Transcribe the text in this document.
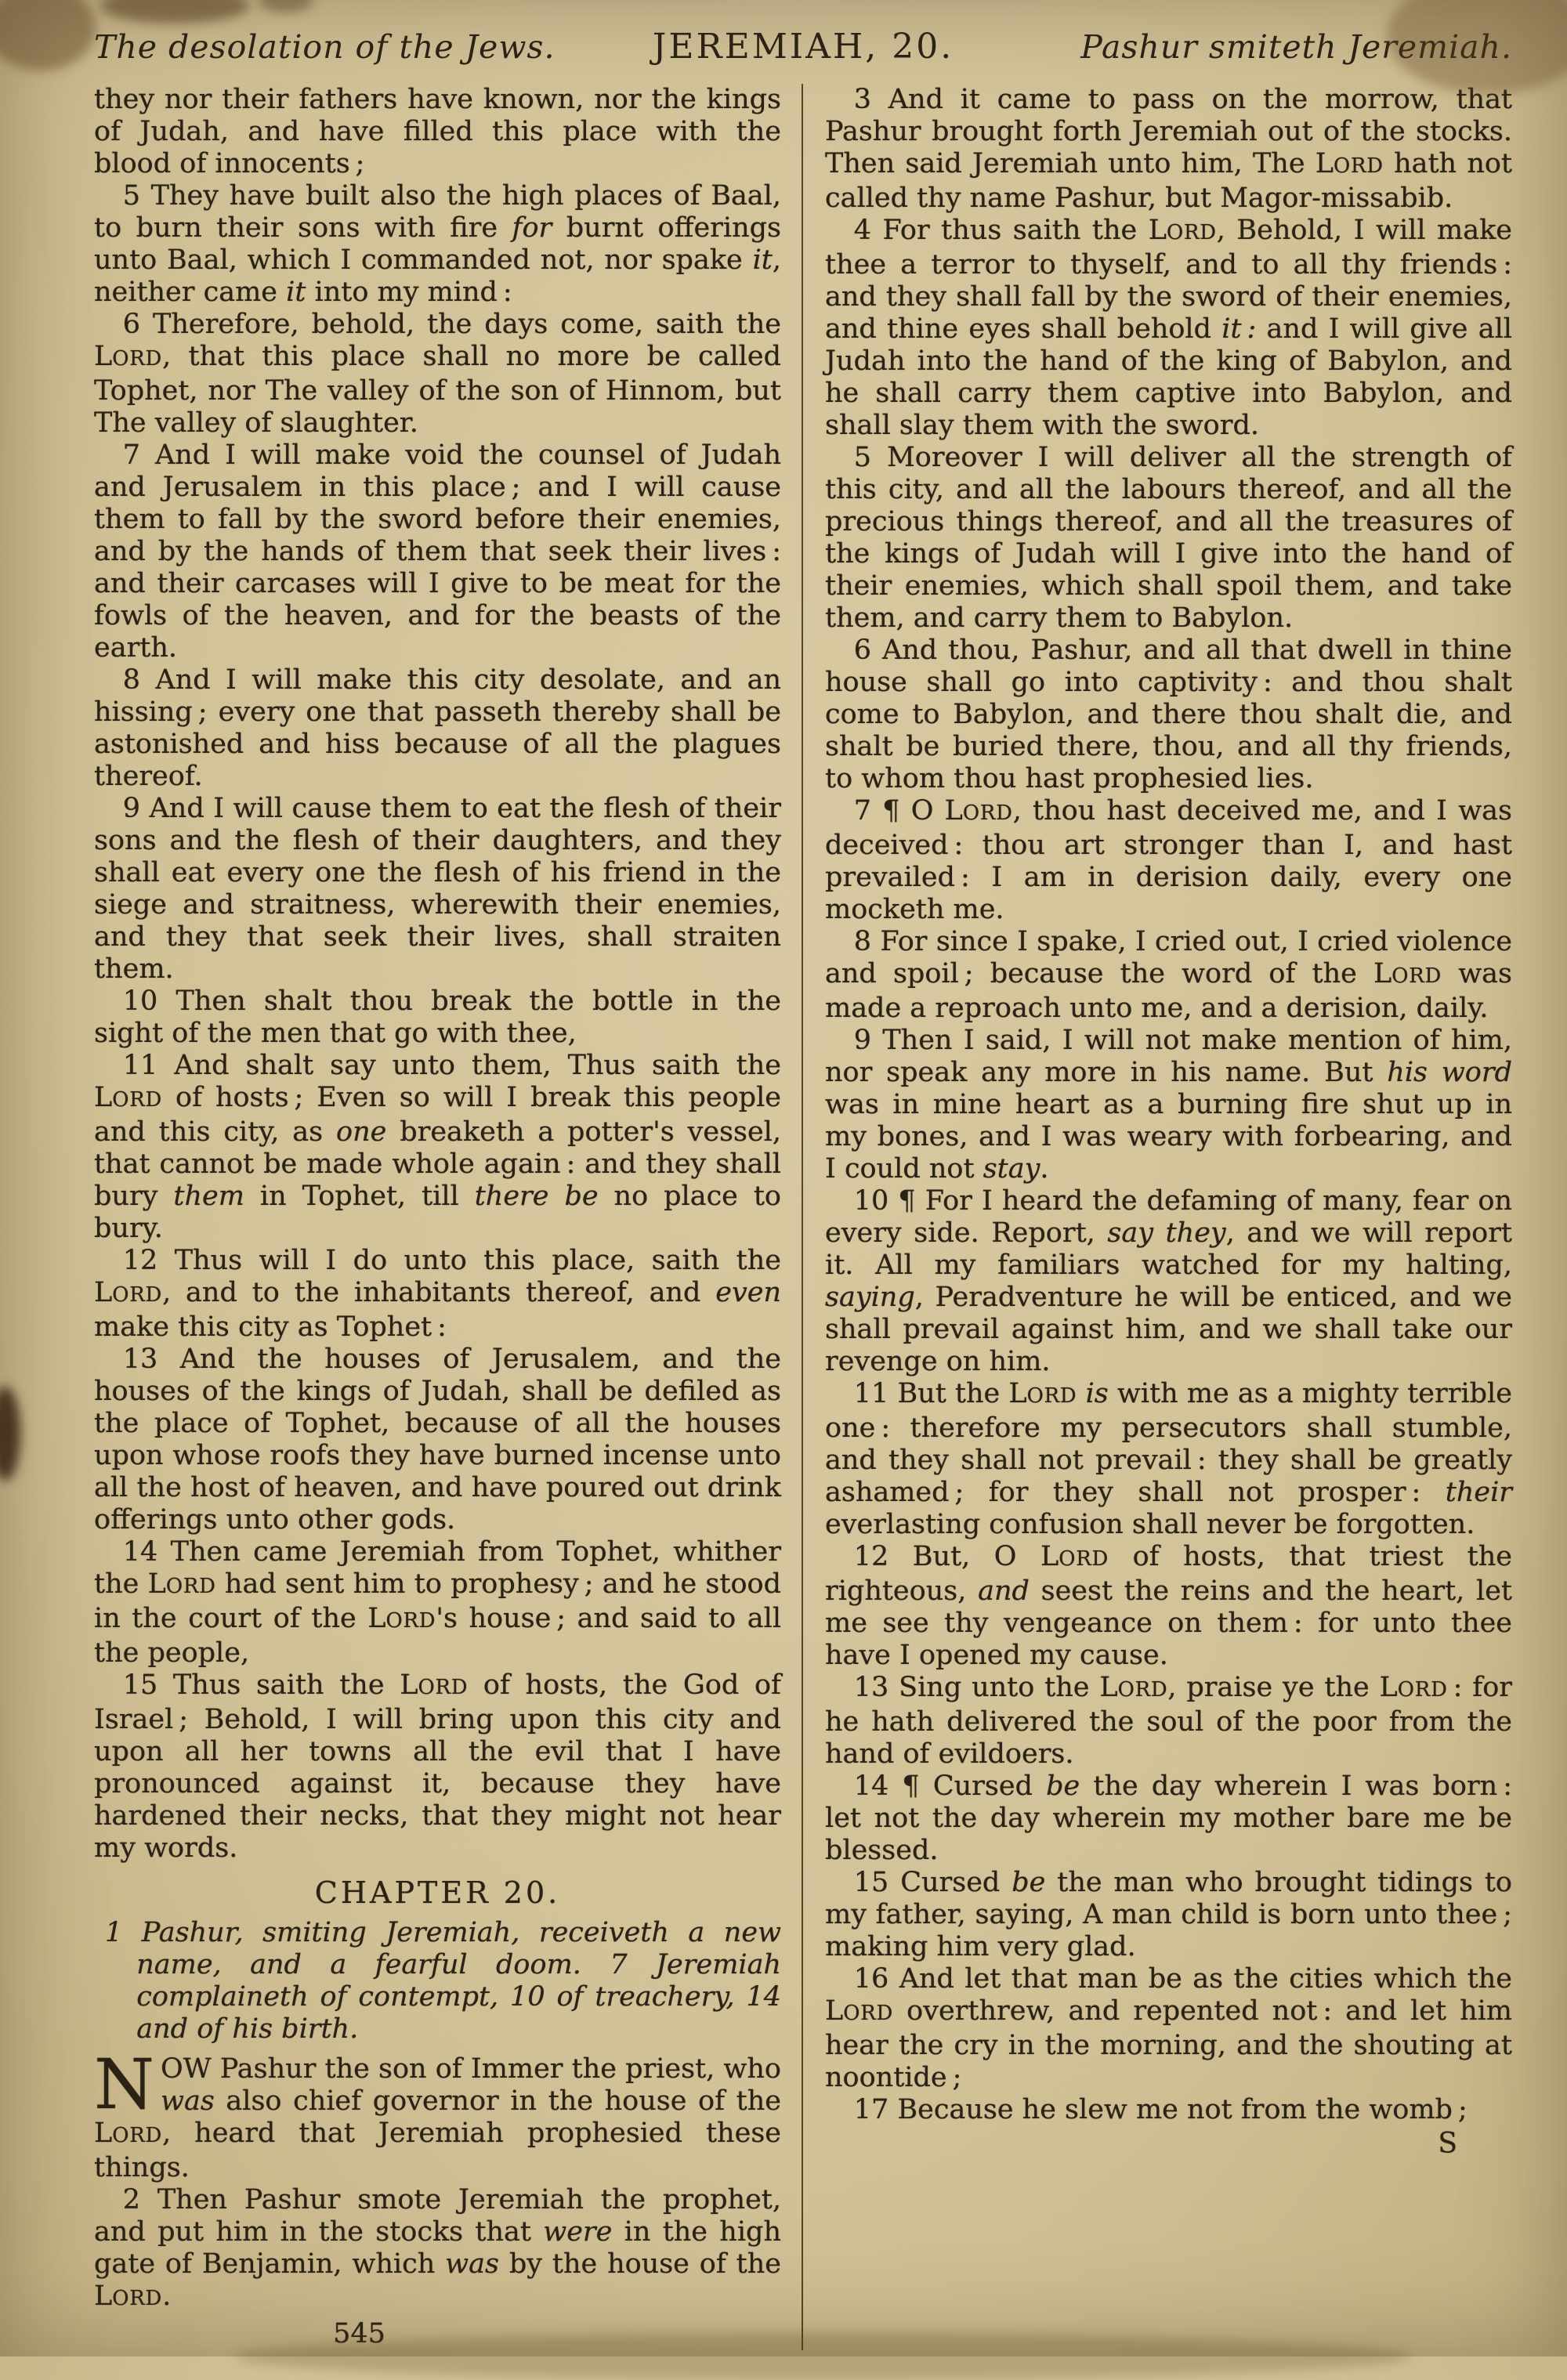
The desolation of the Jews.	JEREMIAH, 20.	Pashur smiteth Jeremiah.

they nor their fathers have known, nor the kings of Judah, and have filled this place with the blood of innocents ;

5 They have built also the high places of Baal, to burn their sons with fire for burnt offerings unto Baal, which I commanded not, nor spake it, neither came it into my mind :

6 Therefore, behold, the days come, saith the LORD, that this place shall no more be called Tophet, nor The valley of the son of Hinnom, but The valley of slaughter.

7 And I will make void the counsel of Judah and Jerusalem in this place ; and I will cause them to fall by the sword before their enemies, and by the hands of them that seek their lives : and their carcases will I give to be meat for the fowls of the heaven, and for the beasts of the earth.

8 And I will make this city desolate, and an hissing ; every one that passeth thereby shall be astonished and hiss because of all the plagues thereof.

9 And I will cause them to eat the flesh of their sons and the flesh of their daughters, and they shall eat every one the flesh of his friend in the siege and straitness, wherewith their enemies, and they that seek their lives, shall straiten them.

10 Then shalt thou break the bottle in the sight of the men that go with thee,

11 And shalt say unto them, Thus saith the LORD of hosts ; Even so will I break this people and this city, as one breaketh a potter's vessel, that cannot be made whole again : and they shall bury them in Tophet, till there be no place to bury.

12 Thus will I do unto this place, saith the LORD, and to the inhabitants thereof, and even make this city as Tophet :

13 And the houses of Jerusalem, and the houses of the kings of Judah, shall be defiled as the place of Tophet, because of all the houses upon whose roofs they have burned incense unto all the host of heaven, and have poured out drink offerings unto other gods.

14 Then came Jeremiah from Tophet, whither the LORD had sent him to prophesy ; and he stood in the court of the LORD's house ; and said to all the people,

15 Thus saith the LORD of hosts, the God of Israel ; Behold, I will bring upon this city and upon all her towns all the evil that I have pronounced against it, because they have hardened their necks, that they might not hear my words.

CHAPTER 20.

1 Pashur, smiting Jeremiah, receiveth a new name, and a fearful doom. 7 Jeremiah complaineth of contempt, 10 of treachery, 14 and of his birth.

NOW Pashur the son of Immer the priest, who was also chief governor in the house of the LORD, heard that Jeremiah prophesied these things.

2 Then Pashur smote Jeremiah the prophet, and put him in the stocks that were in the high gate of Benjamin, which was by the house of the LORD.

545

3 And it came to pass on the morrow, that Pashur brought forth Jeremiah out of the stocks. Then said Jeremiah unto him, The LORD hath not called thy name Pashur, but Magor-missabib.

4 For thus saith the LORD, Behold, I will make thee a terror to thyself, and to all thy friends : and they shall fall by the sword of their enemies, and thine eyes shall behold it : and I will give all Judah into the hand of the king of Babylon, and he shall carry them captive into Babylon, and shall slay them with the sword.

5 Moreover I will deliver all the strength of this city, and all the labours thereof, and all the precious things thereof, and all the treasures of the kings of Judah will I give into the hand of their enemies, which shall spoil them, and take them, and carry them to Babylon.

6 And thou, Pashur, and all that dwell in thine house shall go into captivity : and thou shalt come to Babylon, and there thou shalt die, and shalt be buried there, thou, and all thy friends, to whom thou hast prophesied lies.

7 ¶ O LORD, thou hast deceived me, and I was deceived : thou art stronger than I, and hast prevailed : I am in derision daily, every one mocketh me.

8 For since I spake, I cried out, I cried violence and spoil ; because the word of the LORD was made a reproach unto me, and a derision, daily.

9 Then I said, I will not make mention of him, nor speak any more in his name. But his word was in mine heart as a burning fire shut up in my bones, and I was weary with forbearing, and I could not stay.

10 ¶ For I heard the defaming of many, fear on every side. Report, say they, and we will report it. All my familiars watched for my halting, saying, Peradventure he will be enticed, and we shall prevail against him, and we shall take our revenge on him.

11 But the LORD is with me as a mighty terrible one : therefore my persecutors shall stumble, and they shall not prevail : they shall be greatly ashamed ; for they shall not prosper : their everlasting confusion shall never be forgotten.

12 But, O LORD of hosts, that triest the righteous, and seest the reins and the heart, let me see thy vengeance on them : for unto thee have I opened my cause.

13 Sing unto the LORD, praise ye the LORD : for he hath delivered the soul of the poor from the hand of evildoers.

14 ¶ Cursed be the day wherein I was born : let not the day wherein my mother bare me be blessed.

15 Cursed be the man who brought tidings to my father, saying, A man child is born unto thee ; making him very glad.

16 And let that man be as the cities which the LORD overthrew, and repented not : and let him hear the cry in the morning, and the shouting at noontide ;

17 Because he slew me not from the womb ;

S
